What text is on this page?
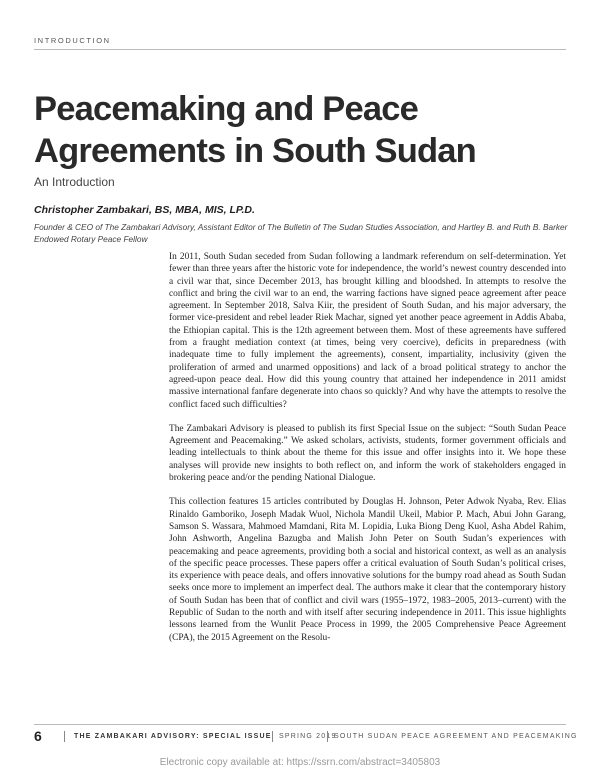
INTRODUCTION
Peacemaking and Peace Agreements in South Sudan
An Introduction
Christopher Zambakari, BS, MBA, MIS, LP.D.
Founder & CEO of The Zambakari Advisory, Assistant Editor of The Bulletin of The Sudan Studies Association, and Hartley B. and Ruth B. Barker Endowed Rotary Peace Fellow

In 2011, South Sudan seceded from Sudan following a landmark referendum on self-determination. Yet fewer than three years after the historic vote for independence, the world’s newest country descended into a civil war that, since December 2013, has brought killing and bloodshed. In attempts to resolve the conflict and bring the civil war to an end, the warring factions have signed peace agreement after peace agreement. In September 2018, Salva Kiir, the president of South Sudan, and his major adversary, the former vice-president and rebel leader Riek Machar, signed yet another peace agreement in Addis Ababa, the Ethiopian capital. This is the 12th agreement between them. Most of these agreements have suffered from a fraught mediation context (at times, being very coercive), deficits in preparedness (with inadequate time to fully implement the agreements), consent, impartiality, inclusivity (given the proliferation of armed and unarmed oppositions) and lack of a broad political strategy to anchor the agreed-upon peace deal. How did this young country that attained her independence in 2011 amidst massive international fanfare degenerate into chaos so quickly? And why have the attempts to resolve the conflict faced such difficulties?

The Zambakari Advisory is pleased to publish its first Special Issue on the subject: “South Sudan Peace Agreement and Peacemaking.” We asked scholars, activists, students, former government officials and leading intellectuals to think about the theme for this issue and offer insights into it. We hope these analyses will provide new insights to both reflect on, and inform the work of stakeholders engaged in brokering peace and/or the pending National Dialogue.

This collection features 15 articles contributed by Douglas H. Johnson, Peter Adwok Nyaba, Rev. Elias Rinaldo Gamboriko, Joseph Madak Wuol, Nichola Mandil Ukeil, Mabior P. Mach, Abui John Garang, Samson S. Wassara, Mahmoed Mamdani, Rita M. Lopidia, Luka Biong Deng Kuol, Asha Abdel Rahim, John Ashworth, Angelina Bazugba and Malish John Peter on South Sudan’s experiences with peacemaking and peace agreements, providing both a social and historical context, as well as an analysis of the specific peace processes. These papers offer a critical evaluation of South Sudan’s political crises, its experience with peace deals, and offers innovative solutions for the bumpy road ahead as South Sudan seeks once more to implement an imperfect deal. The authors make it clear that the contemporary history of South Sudan has been that of conflict and civil wars (1955–1972, 1983–2005, 2013–current) with the Republic of Sudan to the north and with itself after securing independence in 2011. This issue highlights lessons learned from the Wunlit Peace Process in 1999, the 2005 Comprehensive Peace Agreement (CPA), the 2015 Agreement on the Resolu-

6	THE ZAMBAKARI ADVISORY: SPECIAL ISSUE SPRING 2019
SOUTH SUDAN PEACE AGREEMENT AND PEACEMAKING
Electronic copy available at: https://ssrn.com/abstract=3405803
